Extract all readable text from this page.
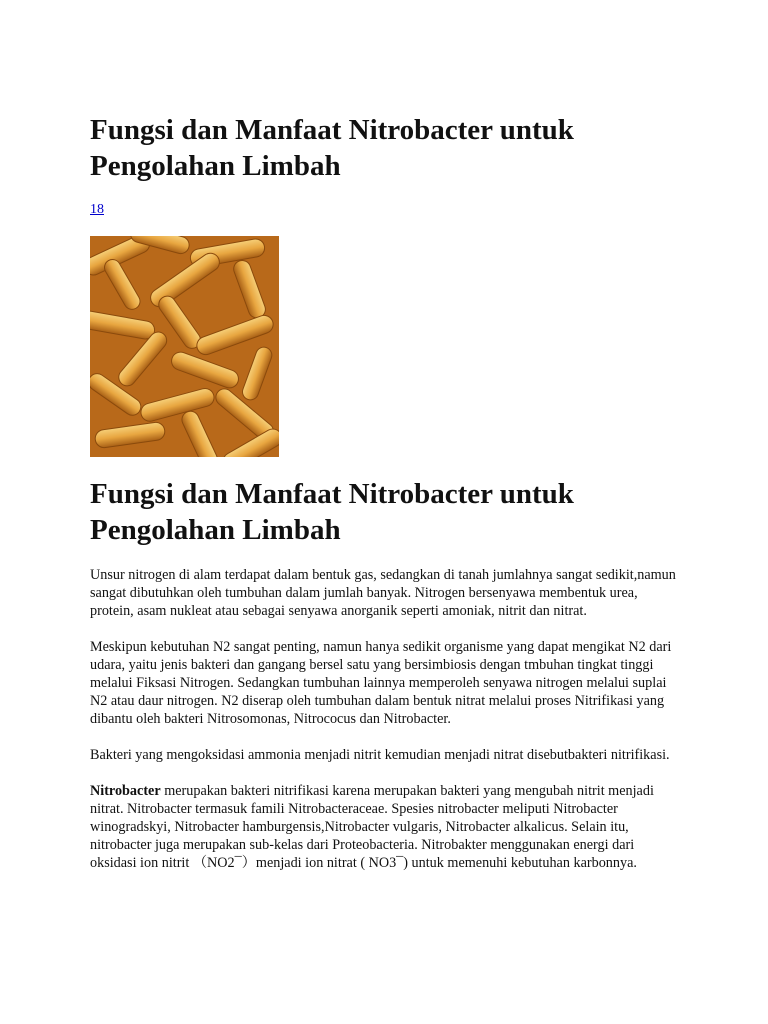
Fungsi dan Manfaat Nitrobacter untuk Pengolahan Limbah
18
Fungsi dan Manfaat Nitrobacter untuk Pengolahan Limbah

Unsur nitrogen di alam terdapat dalam bentuk gas, sedangkan di tanah jumlahnya sangat sedikit,namun sangat dibutuhkan oleh tumbuhan dalam jumlah banyak. Nitrogen bersenyawa membentuk urea, protein, asam nukleat atau sebagai senyawa anorganik seperti amoniak, nitrit dan nitrat.

Meskipun kebutuhan N2 sangat penting, namun hanya sedikit organisme yang dapat mengikat N2 dari udara, yaitu jenis bakteri dan gangang bersel satu yang bersimbiosis dengan tmbuhan tingkat tinggi melalui Fiksasi Nitrogen. Sedangkan tumbuhan lainnya memperoleh senyawa nitrogen melalui suplai N2 atau daur nitrogen. N2 diserap oleh tumbuhan dalam bentuk nitrat melalui proses Nitrifikasi yang dibantu oleh bakteri Nitrosomonas, Nitrococus dan Nitrobacter.

Bakteri yang mengoksidasi ammonia menjadi nitrit kemudian menjadi nitrat disebutbakteri nitrifikasi.

Nitrobacter merupakan bakteri nitrifikasi karena merupakan bakteri yang mengubah nitrit menjadi nitrat. Nitrobacter termasuk famili Nitrobacteraceae. Spesies nitrobacter meliputi Nitrobacter winogradskyi, Nitrobacter hamburgensis,Nitrobacter vulgaris, Nitrobacter alkalicus. Selain itu, nitrobacter juga merupakan sub-kelas dari Proteobacteria. Nitrobakter menggunakan energi dari oksidasi ion nitrit （NO2¯）menjadi ion nitrat ( NO3¯) untuk memenuhi kebutuhan karbonnya.
